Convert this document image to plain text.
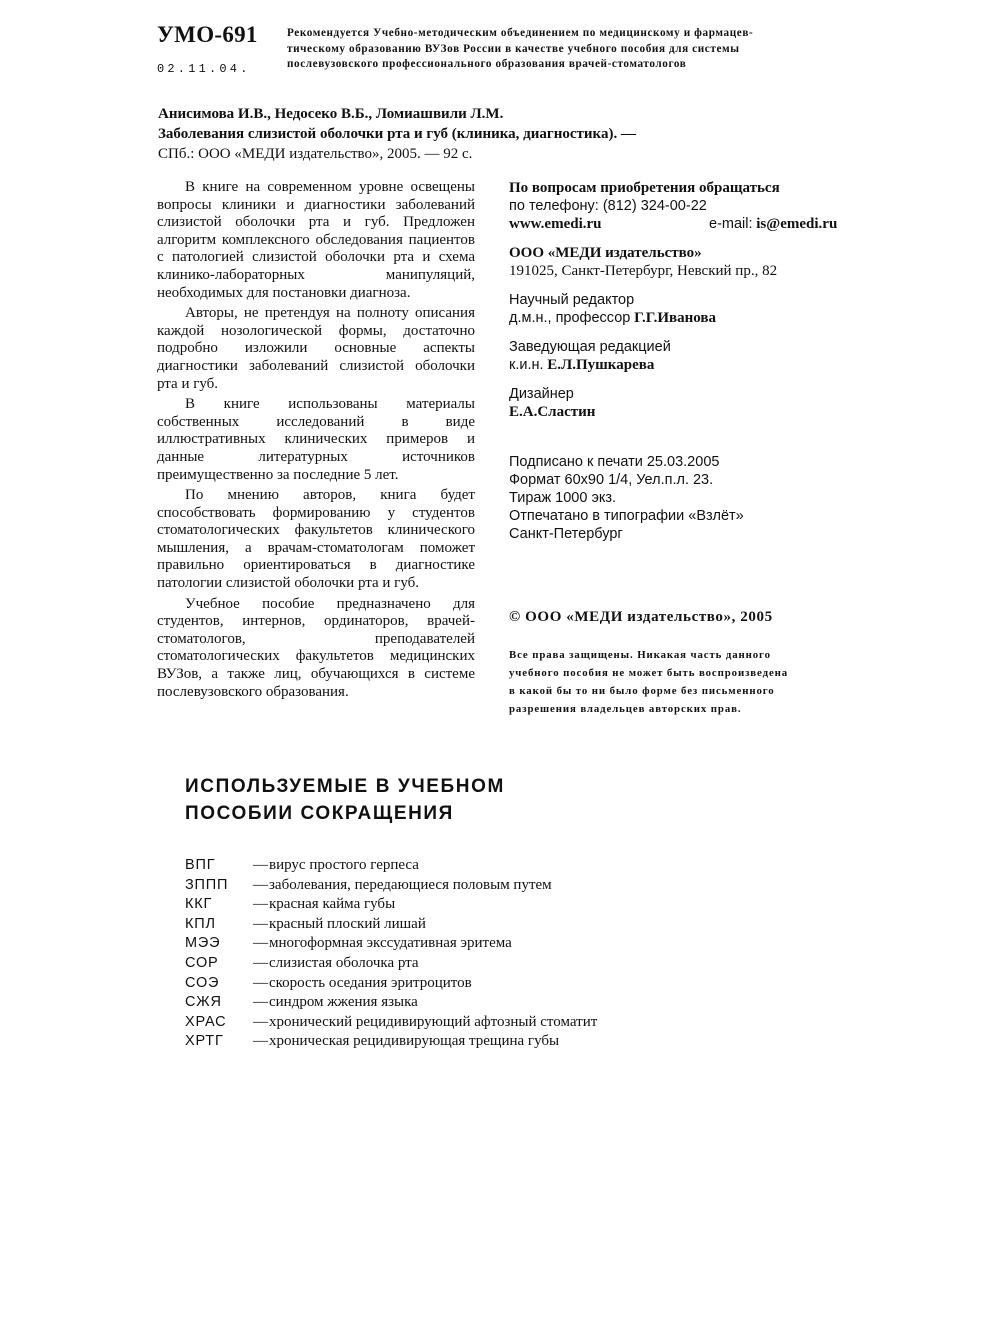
УМО-691
02.11.04.
Рекомендуется Учебно-методическим объединением по медицинскому и фармацев-
тическому образованию ВУЗов России в качестве учебного пособия для системы
послевузовского профессионального образования врачей-стоматологов
Анисимова И.В., Недосеко В.Б., Ломиашвили Л.М.
Заболевания слизистой оболочки рта и губ (клиника, диагностика). —
СПб.: ООО «МЕДИ издательство», 2005. — 92 с.

В книге на современном уровне освещены вопросы клиники и диагностики заболеваний слизистой оболочки рта и губ. Предложен алгоритм комплексного обследования пациентов с патологией слизистой оболочки рта и схема клинико-лабораторных манипуляций, необходимых для постановки диагноза.

Авторы, не претендуя на полноту описания каждой нозологической формы, достаточно подробно изложили основные аспекты диагностики заболеваний слизистой оболочки рта и губ.

В книге использованы материалы собственных исследований в виде иллюстративных клинических примеров и данные литературных источников преимущественно за последние 5 лет.

По мнению авторов, книга будет способствовать формированию у студентов стоматологических факультетов клинического мышления, а врачам-стоматологам поможет правильно ориентироваться в диагностике патологии слизистой оболочки рта и губ.

Учебное пособие предназначено для студентов, интернов, ординаторов, врачей-стоматологов, преподавателей стоматологических факультетов медицинских ВУЗов, а также лиц, обучающихся в системе послевузовского образования.

По вопросам приобретения обращаться
по телефону: (812) 324-00-22
www.emedi.ru	e-mail: is@emedi.ru
ООО «МЕДИ издательство»
191025, Санкт-Петербург, Невский пр., 82
Научный редактор
д.м.н., профессор Г.Г.Иванова
Заведующая редакцией
к.и.н. Е.Л.Пушкарева
Дизайнер
Е.А.Сластин
Подписано к печати 25.03.2005
Формат 60x90 1/4, Уел.п.л. 23.
Тираж 1000 экз.
Отпечатано в типографии «Взлёт»
Санкт-Петербург
© ООО «МЕДИ издательство», 2005
Все права защищены. Никакая часть данного
учебного пособия не может быть воспроизведена
в какой бы то ни было форме без письменного
разрешения владельцев авторских прав.
ИСПОЛЬЗУЕМЫЕ В УЧЕБНОМ
ПОСОБИИ СОКРАЩЕНИЯ
ВПГ	— вирус простого герпеса
ЗППП	— заболевания, передающиеся половым путем
ККГ	— красная кайма губы
КПЛ	— красный плоский лишай
МЭЭ	— многоформная экссудативная эритема
СОР	— слизистая оболочка рта
СОЭ	— скорость оседания эритроцитов
СЖЯ	— синдром жжения языка
ХРАС	— хронический рецидивирующий афтозный стоматит
ХРТГ	— хроническая рецидивирующая трещина губы
